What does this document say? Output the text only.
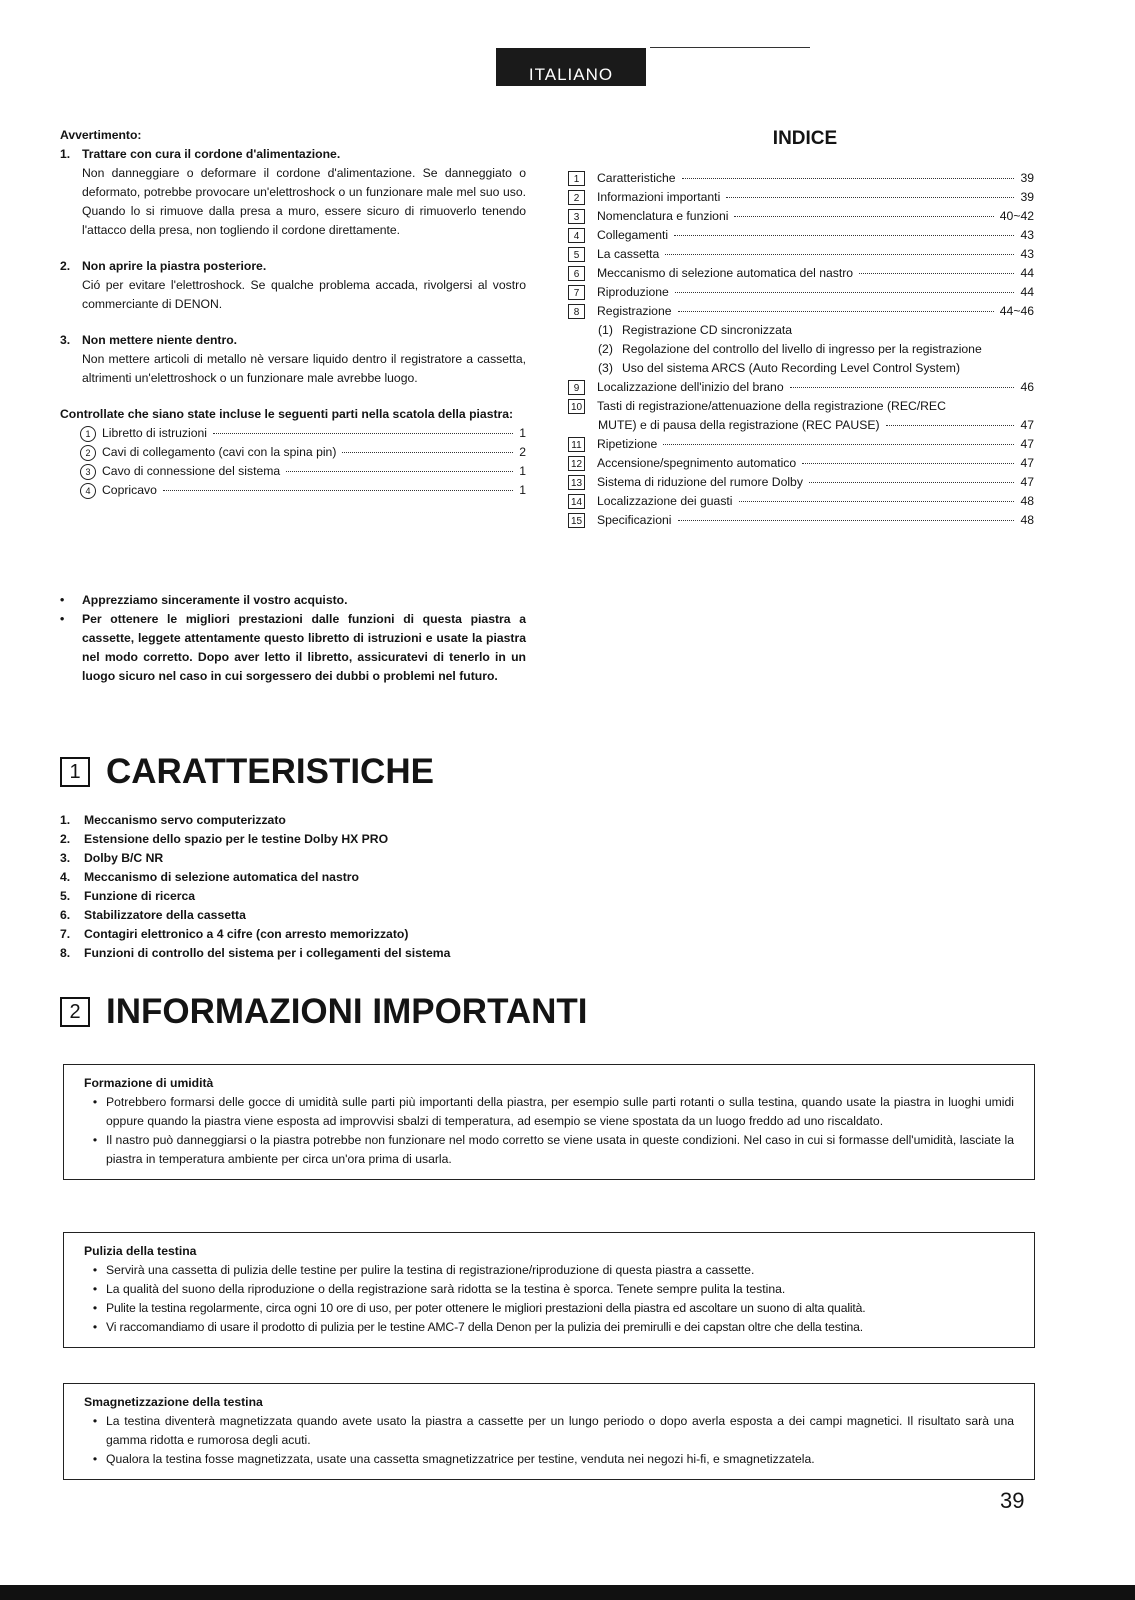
ITALIANO
Avvertimento:
1. Trattare con cura il cordone d'alimentazione.
Non danneggiare o deformare il cordone d'alimentazione. Se danneggiato o deformato, potrebbe provocare un'elettroshock o un funzionare male mel suo uso. Quando lo si rimuove dalla presa a muro, essere sicuro di rimuoverlo tenendo l'attacco della presa, non togliendo il cordone direttamente.
2. Non aprire la piastra posteriore.
Ció per evitare l'elettroshock. Se qualche problema accada, rivolgersi al vostro commerciante di DENON.
3. Non mettere niente dentro.
Non mettere articoli di metallo nè versare liquido dentro il registratore a cassetta, altrimenti un'elettroshock o un funzionare male avrebbe luogo.
Controllate che siano state incluse le seguenti parti nella scatola della piastra:
1 Libretto di istruzioni	1
2 Cavi di collegamento (cavi con la spina pin)	2
3 Cavo di connessione del sistema	1
4 Copricavo	1
•	Apprezziamo sinceramente il vostro acquisto.
•	Per ottenere le migliori prestazioni dalle funzioni di questa piastra a cassette, leggete attentamente questo libretto di istruzioni e usate la piastra nel modo corretto. Dopo aver letto il libretto, assicuratevi di tenerlo in un luogo sicuro nel caso in cui sorgessero dei dubbi o problemi nel futuro.
INDICE
1	Caratteristiche	39
2	Informazioni importanti	39
3	Nomenclatura e funzioni	40~42
4	Collegamenti	43
5	La cassetta	43
6	Meccanismo di selezione automatica del nastro	44
7	Riproduzione	44
8	Registrazione	44~46
(1) Registrazione CD sincronizzata
(2) Regolazione del controllo del livello di ingresso per la registrazione
(3) Uso del sistema ARCS (Auto Recording Level Control System)
9	Localizzazione dell'inizio del brano	46
10 Tasti di registrazione/attenuazione della registrazione (REC/REC
MUTE) e di pausa della registrazione (REC PAUSE)	47
11 Ripetizione	47
12 Accensione/spegnimento automatico	47
13 Sistema di riduzione del rumore Dolby	47
14 Localizzazione dei guasti	48
15 Specificazioni	48
1 CARATTERISTICHE
1.	Meccanismo servo computerizzato
2.	Estensione dello spazio per le testine Dolby HX PRO
3.	Dolby B/C NR
4.	Meccanismo di selezione automatica del nastro
5.	Funzione di ricerca
6.	Stabilizzatore della cassetta
7.	Contagiri elettronico a 4 cifre (con arresto memorizzato)
8.	Funzioni di controllo del sistema per i collegamenti del sistema
2 INFORMAZIONI IMPORTANTI
Formazione di umidità
• Potrebbero formarsi delle gocce di umidità sulle parti più importanti della piastra, per esempio sulle parti rotanti o sulla testina, quando usate la piastra in luoghi umidi oppure quando la piastra viene esposta ad improvvisi sbalzi di temperatura, ad esempio se viene spostata da un luogo freddo ad uno riscaldato.
• Il nastro può danneggiarsi o la piastra potrebbe non funzionare nel modo corretto se viene usata in queste condizioni. Nel caso in cui si formasse dell'umidità, lasciate la piastra in temperatura ambiente per circa un'ora prima di usarla.
Pulizia della testina
• Servirà una cassetta di pulizia delle testine per pulire la testina di registrazione/riproduzione di questa piastra a cassette.
• La qualità del suono della riproduzione o della registrazione sarà ridotta se la testina è sporca. Tenete sempre pulita la testina.
• Pulite la testina regolarmente, circa ogni 10 ore di uso, per poter ottenere le migliori prestazioni della piastra ed ascoltare un suono di alta qualità.
• Vi raccomandiamo di usare il prodotto di pulizia per le testine AMC-7 della Denon per la pulizia dei premirulli e dei capstan oltre che della testina.
Smagnetizzazione della testina
• La testina diventerà magnetizzata quando avete usato la piastra a cassette per un lungo periodo o dopo averla esposta a dei campi magnetici. Il risultato sarà una gamma ridotta e rumorosa degli acuti.
• Qualora la testina fosse magnetizzata, usate una cassetta smagnetizzatrice per testine, venduta nei negozi hi-fi, e smagnetizzatela.
39
